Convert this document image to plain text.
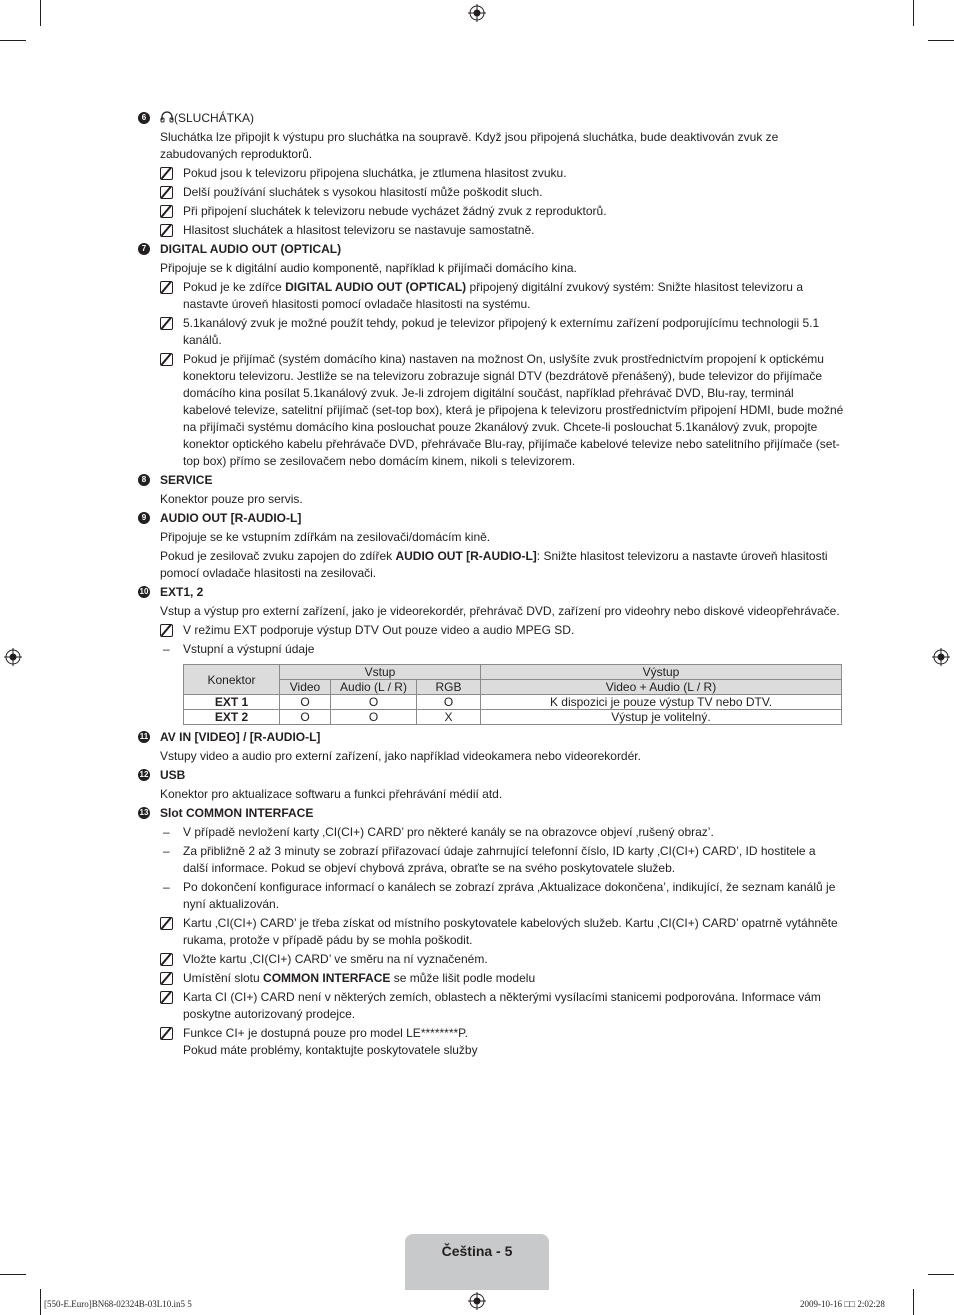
6	(SLUCHÁTKA)

Sluchátka lze připojit k výstupu pro sluchátka na soupravě. Když jsou připojená sluchátka, bude deaktivován zvuk ze zabudovaných reproduktorů.

Pokud jsou k televizoru připojena sluchátka, je ztlumena hlasitost zvuku.
Delší používání sluchátek s vysokou hlasitostí může poškodit sluch.
Při připojení sluchátek k televizoru nebude vycházet žádný zvuk z reproduktorů.
Hlasitost sluchátek a hlasitost televizoru se nastavuje samostatně.
7	DIGITAL AUDIO OUT (OPTICAL)

Připojuje se k digitální audio komponentě, například k přijímači domácího kina.

Pokud je ke zdířce DIGITAL AUDIO OUT (OPTICAL) připojený digitální zvukový systém: Snižte hlasitost televizoru a nastavte úroveň hlasitosti pomocí ovladače hlasitosti na systému.
5.1kanálový zvuk je možné použít tehdy, pokud je televizor připojený k externímu zařízení podporujícímu technologii 5.1 kanálů.
Pokud je přijímač (systém domácího kina) nastaven na možnost On, uslyšíte zvuk prostřednictvím propojení k optickému konektoru televizoru. Jestliže se na televizoru zobrazuje signál DTV (bezdrátově přenášený), bude televizor do přijímače domácího kina posílat 5.1kanálový zvuk. Je-li zdrojem digitální součást, například přehrávač DVD, Blu-ray, terminál kabelové televize, satelitní přijímač (set-top box), která je připojena k televizoru prostřednictvím připojení HDMI, bude možné na přijímači systému domácího kina poslouchat pouze 2kanálový zvuk. Chcete-li poslouchat 5.1kanálový zvuk, propojte konektor optického kabelu přehrávače DVD, přehrávače Blu-ray, přijímače kabelové televize nebo satelitního přijímače (set-top box) přímo se zesilovačem nebo domácím kinem, nikoli s televizorem.
8	SERVICE

Konektor pouze pro servis.

9	AUDIO OUT [R-AUDIO-L]

Připojuje se ke vstupním zdířkám na zesilovači/domácím kině.

Pokud je zesilovač zvuku zapojen do zdířek AUDIO OUT [R-AUDIO-L]: Snižte hlasitost televizoru a nastavte úroveň hlasitosti pomocí ovladače hlasitosti na zesilovači.

10 EXT1, 2

Vstup a výstup pro externí zařízení, jako je videorekordér, přehrávač DVD, zařízení pro videohry nebo diskové videopřehrávače.

V režimu EXT podporuje výstup DTV Out pouze video a audio MPEG SD.
– Vstupní a výstupní údaje
Konektor	Vstup			Výstup
	Video	Audio (L / R)	RGB	Video + Audio (L / R)
EXT 1	O	O	O	K dispozici je pouze výstup TV nebo DTV.
EXT 2	O	O	X	Výstup je volitelný.
11 AV IN [VIDEO] / [R-AUDIO-L]

Vstupy video a audio pro externí zařízení, jako například videokamera nebo videorekordér.

12 USB

Konektor pro aktualizace softwaru a funkci přehrávání médií atd.

13 Slot COMMON INTERFACE
– V případě nevložení karty ‚CI(CI+) CARD’ pro některé kanály se na obrazovce objeví ‚rušený obraz’.
– Za přibližně 2 až 3 minuty se zobrazí přiřazovací údaje zahrnující telefonní číslo, ID karty ‚CI(CI+) CARD’, ID hostitele a další informace. Pokud se objeví chybová zpráva, obraťte se na svého poskytovatele služeb.
– Po dokončení konfigurace informací o kanálech se zobrazí zpráva ‚Aktualizace dokončena’, indikující, že seznam kanálů je nyní aktualizován.
Kartu ‚CI(CI+) CARD’ je třeba získat od místního poskytovatele kabelových služeb. Kartu ‚CI(CI+) CARD’ opatrně vytáhněte rukama, protože v případě pádu by se mohla poškodit.
Vložte kartu ‚CI(CI+) CARD’ ve směru na ní vyznačeném.
Umístění slotu COMMON INTERFACE se může lišit podle modelu
Karta CI (CI+) CARD není v některých zemích, oblastech a některými vysílacími stanicemi podporována. Informace vám poskytne autorizovaný prodejce.
Funkce CI+ je dostupná pouze pro model LE********P.
Pokud máte problémy, kontaktujte poskytovatele služby
Čeština - 5
[550-E.Euro]BN68-02324B-03L10.in5 5	2009-10-16 □□ 2:02:28
